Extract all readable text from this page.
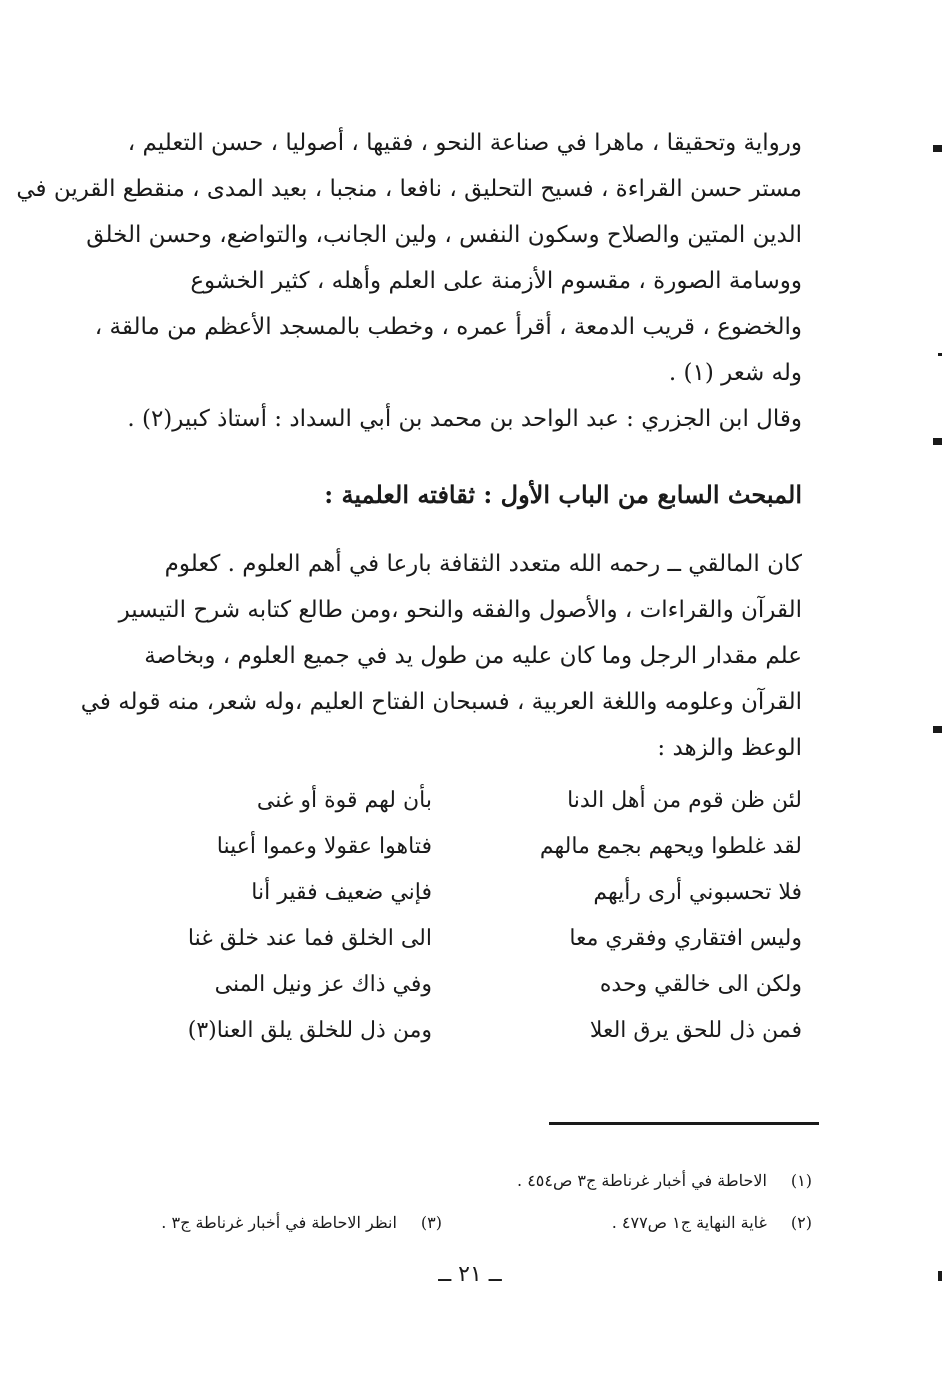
ورواية وتحقيقا ، ماهرا في صناعة النحو ، فقيها ، أصوليا ، حسن التعليم ،
مستر حسن القراءة ، فسيح التحليق ، نافعا ، منجبا ، بعيد المدى ، منقطع القرين في
الدين المتين والصلاح وسكون النفس ، ولين الجانب، والتواضع، وحسن الخلق
ووسامة الصورة ، مقسوم الأزمنة على العلم وأهله ، كثير الخشوع
والخضوع ، قريب الدمعة ، أقرأ عمره ، وخطب بالمسجد الأعظم من مالقة ،
وله شعر (١) .
وقال ابن الجزري : عبد الواحد بن محمد بن أبي السداد : أستاذ كبير(٢) .
المبحث السابع من الباب الأول : ثقافته العلمية :
كان المالقي ــ رحمه الله متعدد الثقافة بارعا في أهم العلوم . كعلوم
القرآن والقراءات ، والأصول والفقه والنحو ،ومن طالع كتابه شرح التيسير
علم مقدار الرجل وما كان عليه من طول يد في جميع العلوم ، وبخاصة
القرآن وعلومه واللغة العربية ، فسبحان الفتاح العليم ،وله شعر، منه قوله في
الوعظ والزهد :
لئن ظن قوم من أهل الدنا
بأن لهم قوة أو غنى
لقد غلطوا ويحهم بجمع مالهم
فتاهوا عقولا وعموا أعينا
فلا تحسبوني أرى رأيهم
فإني ضعيف فقير أنا
وليس افتقاري وفقري معا
الى الخلق فما عند خلق غنا
ولكن الى خالقي وحده
وفي ذاك عز ونيل المنى
فمن ذل للحق يرق العلا
ومن ذل للخلق يلق العنا(٣)
(١)الاحاطة في أخبار غرناطة ج٣ ص٤٥٤ .
(٢)غاية النهاية ج١ ص٤٧٧ .
(٣)انظر الاحاطة في أخبار غرناطة ج٣ .
ــ ٢١ ــ
